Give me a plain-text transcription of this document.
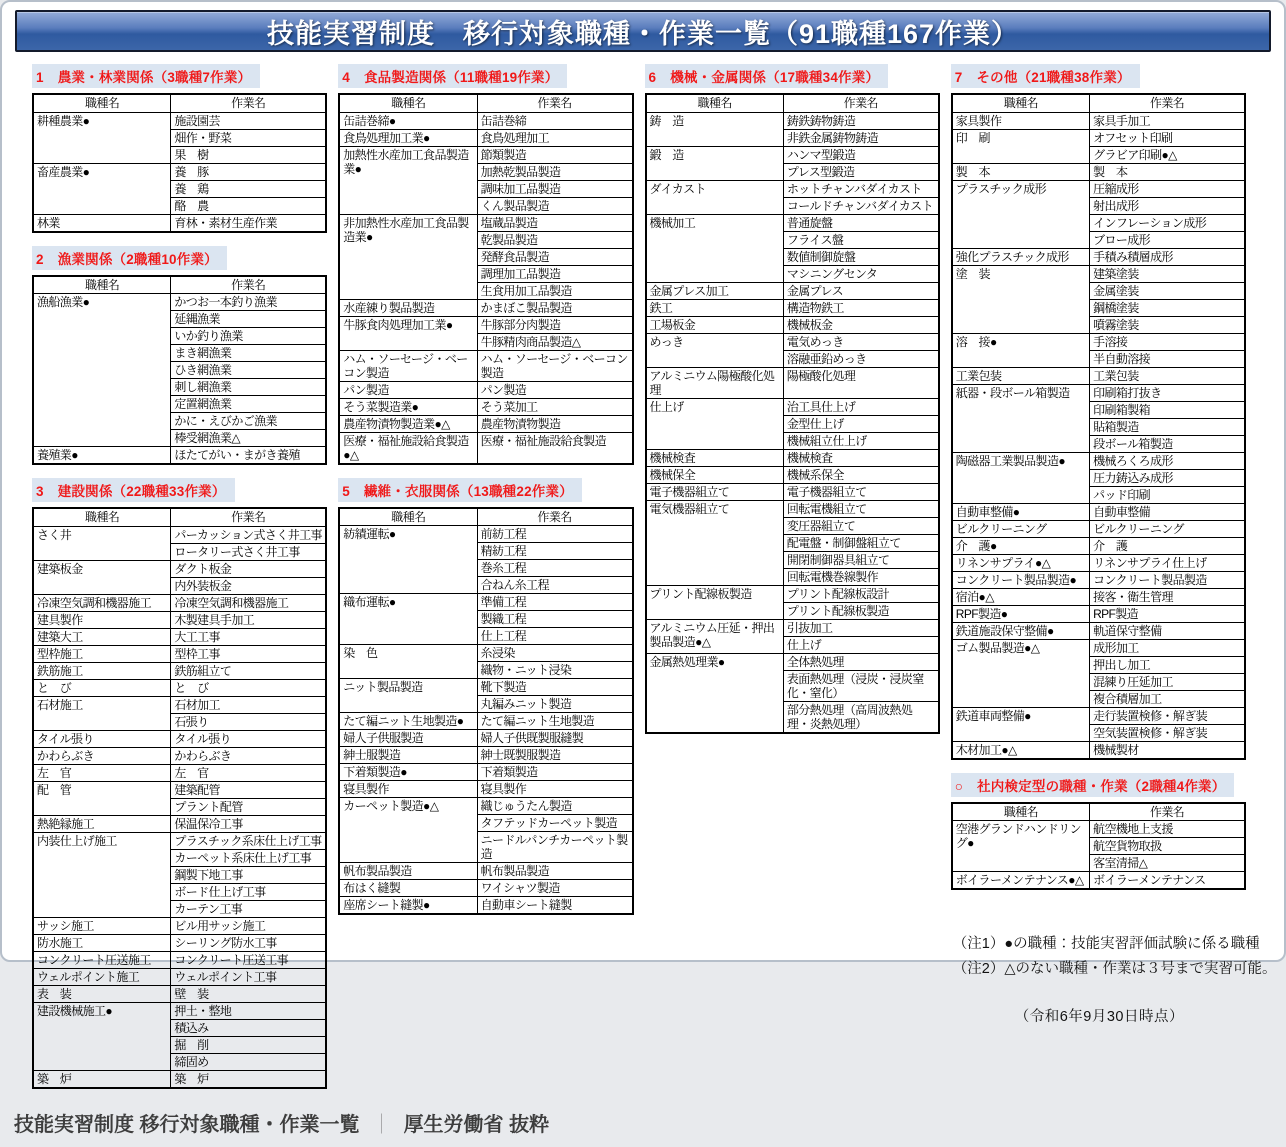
技能実習制度　移行対象職種・作業一覧（91職種167作業）
1 農業・林業関係（3職種7作業）
職種名	作業名
耕種農業●	施設園芸
	畑作・野菜
	果　樹
畜産農業●	養　豚
	養　鶏
	酪　農
林業	育林・素材生産作業
2 漁業関係（2職種10作業）
職種名	作業名
漁船漁業●	かつお一本釣り漁業
	延縄漁業
	いか釣り漁業
	まき網漁業
	ひき網漁業
	刺し網漁業
	定置網漁業
	かに・えびかご漁業
	棒受網漁業△
養殖業●	ほたてがい・まがき養殖
3 建設関係（22職種33作業）
職種名	作業名
さく井	パーカッション式さく井工事
	ロータリー式さく井工事
建築板金	ダクト板金
	内外装板金
冷凍空気調和機器施工	冷凍空気調和機器施工
建具製作	木製建具手加工
建築大工	大工工事
型枠施工	型枠工事
鉄筋施工	鉄筋組立て
と　び	と　び
石材施工	石材加工
	石張り
タイル張り	タイル張り
かわらぶき	かわらぶき
左　官	左　官
配　管	建築配管
	プラント配管
熱絶縁施工	保温保冷工事
内装仕上げ施工	プラスチック系床仕上げ工事
	カーペット系床仕上げ工事
	鋼製下地工事
	ボード仕上げ工事
	カーテン工事
サッシ施工	ビル用サッシ施工
防水施工	シーリング防水工事
コンクリート圧送施工	コンクリート圧送工事
ウェルポイント施工	ウェルポイント工事
表　装	壁　装
建設機械施工●	押土・整地
	積込み
	掘　削
	締固め
築　炉	築　炉
4 食品製造関係（11職種19作業）
職種名	作業名
缶詰巻締●	缶詰巻締
食鳥処理加工業●	食鳥処理加工
加熱性水産加工食品製造業●	節類製造
	加熱乾製品製造
	調味加工品製造
	くん製品製造
非加熱性水産加工食品製造業●	塩蔵品製造
	乾製品製造
	発酵食品製造
	調理加工品製造
	生食用加工品製造
水産練り製品製造	かまぼこ製品製造
牛豚食肉処理加工業●	牛豚部分肉製造
	牛豚精肉商品製造△
ハム・ソーセージ・ベーコン製造	ハム・ソーセージ・ベーコン製造
パン製造	パン製造
そう菜製造業●	そう菜加工
農産物漬物製造業●△	農産物漬物製造
医療・福祉施設給食製造●△	医療・福祉施設給食製造
5 繊維・衣服関係（13職種22作業）
職種名	作業名
紡績運転●	前紡工程
	精紡工程
	巻糸工程
	合ねん糸工程
織布運転●	準備工程
	製織工程
	仕上工程
染　色	糸浸染
	織物・ニット浸染
ニット製品製造	靴下製造
	丸編みニット製造
たて編ニット生地製造●	たて編ニット生地製造
婦人子供服製造	婦人子供既製服縫製
紳士服製造	紳士既製服製造
下着類製造●	下着類製造
寝具製作	寝具製作
カーペット製造●△	織じゅうたん製造
	タフテッドカーペット製造
	ニードルパンチカーペット製造
帆布製品製造	帆布製品製造
布はく縫製	ワイシャツ製造
座席シート縫製●	自動車シート縫製
6 機械・金属関係（17職種34作業）
職種名	作業名
鋳　造	鋳鉄鋳物鋳造
	非鉄金属鋳物鋳造
鍛　造	ハンマ型鍛造
	プレス型鍛造
ダイカスト	ホットチャンバダイカスト
	コールドチャンバダイカスト
機械加工	普通旋盤
	フライス盤
	数値制御旋盤
	マシニングセンタ
金属プレス加工	金属プレス
鉄工	構造物鉄工
工場板金	機械板金
めっき	電気めっき
	溶融亜鉛めっき
アルミニウム陽極酸化処理	陽極酸化処理
仕上げ	治工具仕上げ
	金型仕上げ
	機械組立仕上げ
機械検査	機械検査
機械保全	機械系保全
電子機器組立て	電子機器組立て
電気機器組立て	回転電機組立て
	変圧器組立て
	配電盤・制御盤組立て
	開閉制御器具組立て
	回転電機巻線製作
プリント配線板製造	プリント配線板設計
	プリント配線板製造
アルミニウム圧延・押出製品製造●△	引抜加工
	仕上げ
金属熱処理業●	全体熱処理
	表面熱処理（浸炭・浸炭窒化・窒化）
	部分熱処理（高周波熱処理・炎熱処理）
7 その他（21職種38作業）
職種名	作業名
家具製作	家具手加工
印　刷	オフセット印刷
	グラビア印刷●△
製　本	製　本
プラスチック成形	圧縮成形
	射出成形
	インフレーション成形
	ブロー成形
強化プラスチック成形	手積み積層成形
塗　装	建築塗装
	金属塗装
	鋼橋塗装
	噴霧塗装
溶　接●	手溶接
	半自動溶接
工業包装	工業包装
紙器・段ボール箱製造	印刷箱打抜き
	印刷箱製箱
	貼箱製造
	段ボール箱製造
陶磁器工業製品製造●	機械ろくろ成形
	圧力鋳込み成形
	パッド印刷
自動車整備●	自動車整備
ビルクリーニング	ビルクリーニング
介　護●	介　護
リネンサプライ●△	リネンサプライ仕上げ
コンクリート製品製造●	コンクリート製品製造
宿泊●△	接客・衛生管理
RPF製造●	RPF製造
鉄道施設保守整備●	軌道保守整備
ゴム製品製造●△	成形加工
	押出し加工
	混練り圧延加工
	複合積層加工
鉄道車両整備●	走行装置検修・解ぎ装
	空気装置検修・解ぎ装
木材加工●△	機械製材
○ 社内検定型の職種・作業（2職種4作業）
職種名	作業名
空港グランドハンドリング●	航空機地上支援
	航空貨物取扱
	客室清掃△
ボイラーメンテナンス●△	ボイラーメンテナンス
（注1）●の職種：技能実習評価試験に係る職種
（注2）△のない職種・作業は３号まで実習可能。
（令和6年9月30日時点）
技能実習制度 移行対象職種・作業一覧 ｜ 厚生労働省 抜粋
